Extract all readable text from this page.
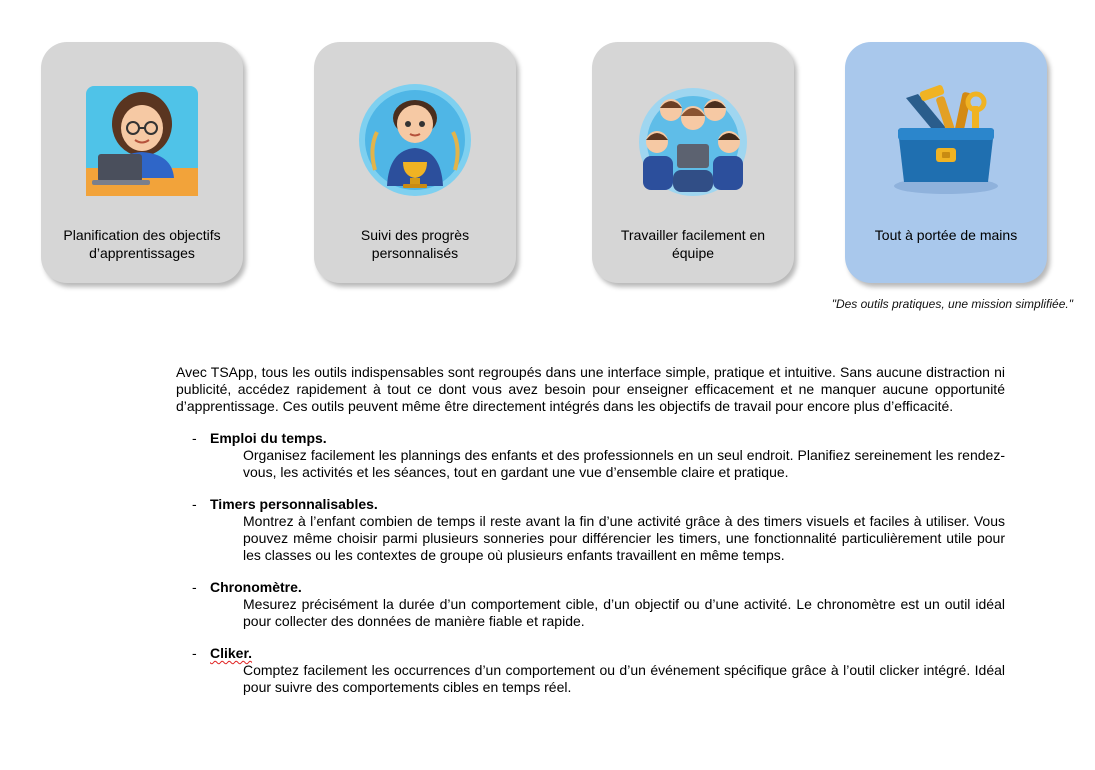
Planification des objectifs d’apprentissages
Suivi des progrès personnalisés
Travailler facilement en équipe
Tout à portée de mains
"Des outils pratiques, une mission simplifiée."

Avec TSApp, tous les outils indispensables sont regroupés dans une interface simple, pratique et intuitive. Sans aucune distraction ni publicité, accédez rapidement à tout ce dont vous avez besoin pour enseigner efficacement et ne manquer aucune opportunité d’apprentissage. Ces outils peuvent même être directement intégrés dans les objectifs de travail pour encore plus d’efficacité.

- Emploi du temps.

Organisez facilement les plannings des enfants et des professionnels en un seul endroit. Planifiez sereinement les rendez-vous, les activités et les séances, tout en gardant une vue d’ensemble claire et pratique.

- Timers personnalisables.

Montrez à l’enfant combien de temps il reste avant la fin d’une activité grâce à des timers visuels et faciles à utiliser. Vous pouvez même choisir parmi plusieurs sonneries pour différencier les timers, une fonctionnalité particulièrement utile pour les classes ou les contextes de groupe où plusieurs enfants travaillent en même temps.

- Chronomètre.

Mesurez précisément la durée d’un comportement cible, d’un objectif ou d’une activité. Le chronomètre est un outil idéal pour collecter des données de manière fiable et rapide.

- Cliker.

Comptez facilement les occurrences d’un comportement ou d’un événement spécifique grâce à l’outil clicker intégré. Idéal pour suivre des comportements cibles en temps réel.
